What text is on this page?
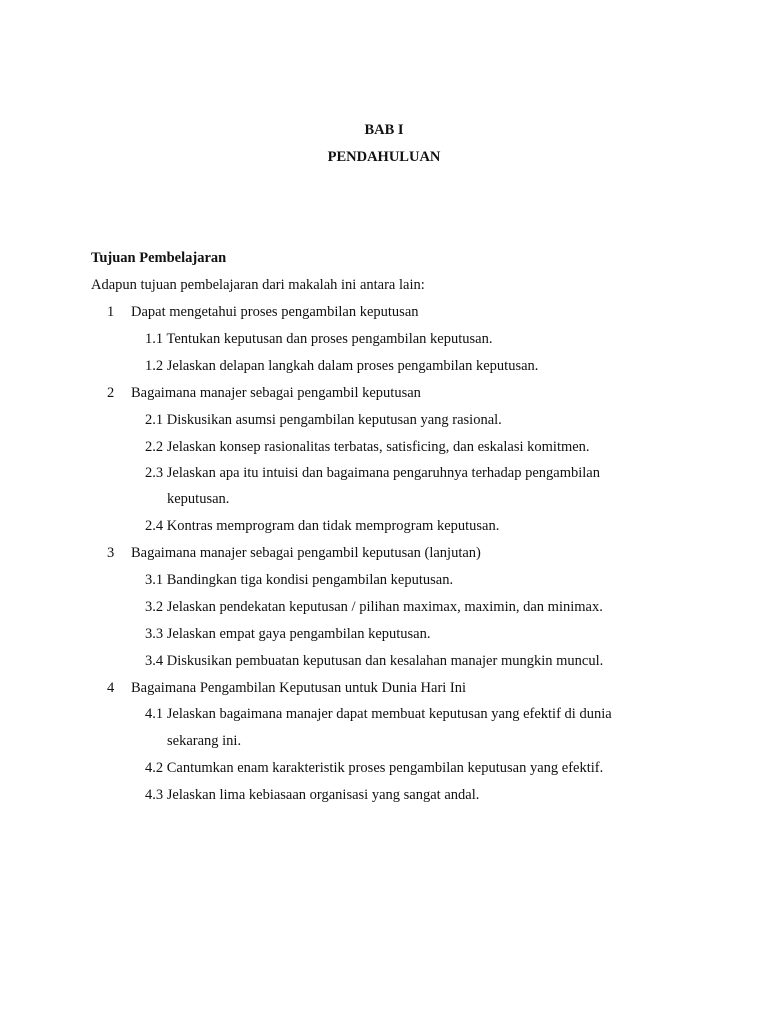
BAB I
PENDAHULUAN
Tujuan Pembelajaran
Adapun tujuan pembelajaran dari makalah ini antara lain:
1 Dapat mengetahui proses pengambilan keputusan
1.1 Tentukan keputusan dan proses pengambilan keputusan.
1.2 Jelaskan delapan langkah dalam proses pengambilan keputusan.
2 Bagaimana manajer sebagai pengambil keputusan
2.1 Diskusikan asumsi pengambilan keputusan yang rasional.
2.2 Jelaskan konsep rasionalitas terbatas, satisficing, dan eskalasi komitmen.
2.3 Jelaskan apa itu intuisi dan bagaimana pengaruhnya terhadap pengambilan
keputusan.
2.4 Kontras memprogram dan tidak memprogram keputusan.
3 Bagaimana manajer sebagai pengambil keputusan (lanjutan)
3.1 Bandingkan tiga kondisi pengambilan keputusan.
3.2 Jelaskan pendekatan keputusan / pilihan maximax, maximin, dan minimax.
3.3 Jelaskan empat gaya pengambilan keputusan.
3.4 Diskusikan pembuatan keputusan dan kesalahan manajer mungkin muncul.
4 Bagaimana Pengambilan Keputusan untuk Dunia Hari Ini
4.1 Jelaskan bagaimana manajer dapat membuat keputusan yang efektif di dunia
sekarang ini.
4.2 Cantumkan enam karakteristik proses pengambilan keputusan yang efektif.
4.3 Jelaskan lima kebiasaan organisasi yang sangat andal.
